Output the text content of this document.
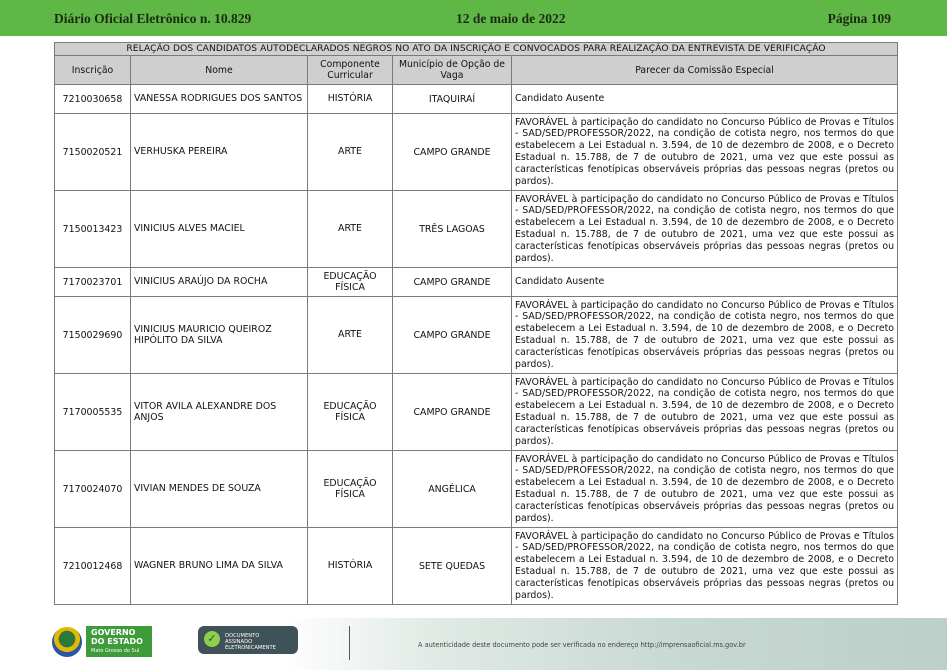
Diário Oficial Eletrônico n. 10.829	12 de maio de 2022	Página 109
RELAÇÃO DOS CANDIDATOS AUTODECLARADOS NEGROS NO ATO DA INSCRIÇÃO E CONVOCADOS PARA REALIZAÇÃO DA ENTREVISTA DE VERIFICAÇÃO				
Inscrição	Nome	Componente Curricular	Município de Opção de Vaga	Parecer da Comissão Especial
7210030658	VANESSA RODRIGUES DOS SANTOS	HISTÓRIA	ITAQUIRAÍ	Candidato Ausente
7150020521	VERHUSKA PEREIRA	ARTE	CAMPO GRANDE	FAVORÁVEL à participação do candidato no Concurso Público de Provas e Títulos - SAD/SED/PROFESSOR/2022, na condição de cotista negro, nos termos do que estabelecem a Lei Estadual n. 3.594, de 10 de dezembro de 2008, e o Decreto Estadual n. 15.788, de 7 de outubro de 2021, uma vez que este possui as características fenotípicas observáveis próprias das pessoas negras (pretos ou pardos).
7150013423	VINICIUS ALVES MACIEL	ARTE	TRÊS LAGOAS	FAVORÁVEL à participação do candidato no Concurso Público de Provas e Títulos - SAD/SED/PROFESSOR/2022, na condição de cotista negro, nos termos do que estabelecem a Lei Estadual n. 3.594, de 10 de dezembro de 2008, e o Decreto Estadual n. 15.788, de 7 de outubro de 2021, uma vez que este possui as características fenotípicas observáveis próprias das pessoas negras (pretos ou pardos).
7170023701	VINICIUS ARAÚJO DA ROCHA	EDUCAÇÃO FÍSICA	CAMPO GRANDE	Candidato Ausente
7150029690	VINICIUS MAURICIO QUEIROZ HIPÓLITO DA SILVA	ARTE	CAMPO GRANDE	FAVORÁVEL à participação do candidato no Concurso Público de Provas e Títulos - SAD/SED/PROFESSOR/2022, na condição de cotista negro, nos termos do que estabelecem a Lei Estadual n. 3.594, de 10 de dezembro de 2008, e o Decreto Estadual n. 15.788, de 7 de outubro de 2021, uma vez que este possui as características fenotípicas observáveis próprias das pessoas negras (pretos ou pardos).
7170005535	VITOR AVILA ALEXANDRE DOS ANJOS	EDUCAÇÃO FÍSICA	CAMPO GRANDE	FAVORÁVEL à participação do candidato no Concurso Público de Provas e Títulos - SAD/SED/PROFESSOR/2022, na condição de cotista negro, nos termos do que estabelecem a Lei Estadual n. 3.594, de 10 de dezembro de 2008, e o Decreto Estadual n. 15.788, de 7 de outubro de 2021, uma vez que este possui as características fenotípicas observáveis próprias das pessoas negras (pretos ou pardos).
7170024070	VIVIAN MENDES DE SOUZA	EDUCAÇÃO FÍSICA	ANGÉLICA	FAVORÁVEL à participação do candidato no Concurso Público de Provas e Títulos - SAD/SED/PROFESSOR/2022, na condição de cotista negro, nos termos do que estabelecem a Lei Estadual n. 3.594, de 10 de dezembro de 2008, e o Decreto Estadual n. 15.788, de 7 de outubro de 2021, uma vez que este possui as características fenotípicas observáveis próprias das pessoas negras (pretos ou pardos).
7210012468	WAGNER BRUNO LIMA DA SILVA	HISTÓRIA	SETE QUEDAS	FAVORÁVEL à participação do candidato no Concurso Público de Provas e Títulos - SAD/SED/PROFESSOR/2022, na condição de cotista negro, nos termos do que estabelecem a Lei Estadual n. 3.594, de 10 de dezembro de 2008, e o Decreto Estadual n. 15.788, de 7 de outubro de 2021, uma vez que este possui as características fenotípicas observáveis próprias das pessoas negras (pretos ou pardos).
GOVERNO
DO ESTADO
Mato Grosso do Sul
✓	DOCUMENTO
ASSINADO
ELETRONICAMENTE	A autenticidade deste documento pode ser verificada no endereço http://imprensaoficial.ms.gov.br
